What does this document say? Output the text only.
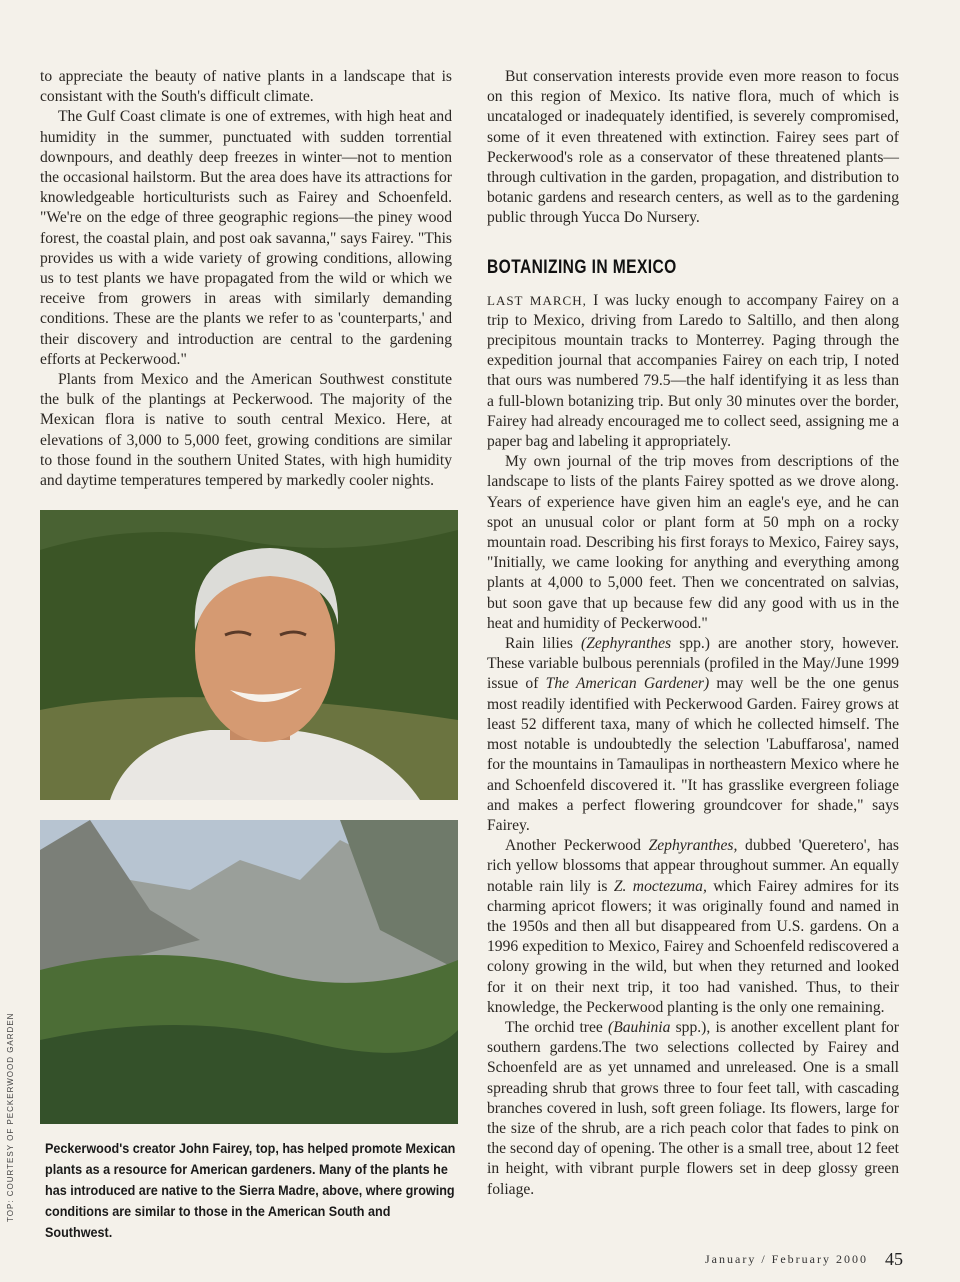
to appreciate the beauty of native plants in a landscape that is consistant with the South's difficult climate.

The Gulf Coast climate is one of extremes, with high heat and humidity in the summer, punctuated with sudden torrential downpours, and deathly deep freezes in winter—not to mention the occasional hailstorm. But the area does have its attractions for knowledgeable horticulturists such as Fairey and Schoenfeld. "We're on the edge of three geographic regions—the piney wood forest, the coastal plain, and post oak savanna," says Fairey. "This provides us with a wide variety of growing conditions, allowing us to test plants we have propagated from the wild or which we receive from growers in areas with similarly demanding conditions. These are the plants we refer to as 'counterparts,' and their discovery and introduction are central to the gardening efforts at Peckerwood."

Plants from Mexico and the American Southwest constitute the bulk of the plantings at Peckerwood. The majority of the Mexican flora is native to south central Mexico. Here, at elevations of 3,000 to 5,000 feet, growing conditions are similar to those found in the southern United States, with high humidity and daytime temperatures tempered by markedly cooler nights.

Peckerwood's creator John Fairey, top, has helped promote Mexican plants as a resource for American gardeners. Many of the plants he has introduced are native to the Sierra Madre, above, where growing conditions are similar to those in the American South and Southwest.
TOP: COURTESY OF PECKERWOOD GARDEN

But conservation interests provide even more reason to focus on this region of Mexico. Its native flora, much of which is uncataloged or inadequately identified, is severely compromised, some of it even threatened with extinction. Fairey sees part of Peckerwood's role as a conservator of these threatened plants—through cultivation in the garden, propagation, and distribution to botanic gardens and research centers, as well as to the gardening public through Yucca Do Nursery.

BOTANIZING IN MEXICO

LAST MARCH, I was lucky enough to accompany Fairey on a trip to Mexico, driving from Laredo to Saltillo, and then along precipitous mountain tracks to Monterrey. Paging through the expedition journal that accompanies Fairey on each trip, I noted that ours was numbered 79.5—the half identifying it as less than a full-blown botanizing trip. But only 30 minutes over the border, Fairey had already encouraged me to collect seed, assigning me a paper bag and labeling it appropriately.

My own journal of the trip moves from descriptions of the landscape to lists of the plants Fairey spotted as we drove along. Years of experience have given him an eagle's eye, and he can spot an unusual color or plant form at 50 mph on a rocky mountain road. Describing his first forays to Mexico, Fairey says, "Initially, we came looking for anything and everything among plants at 4,000 to 5,000 feet. Then we concentrated on salvias, but soon gave that up because few did any good with us in the heat and humidity of Peckerwood."

Rain lilies (Zephyranthes spp.) are another story, however. These variable bulbous perennials (profiled in the May/June 1999 issue of The American Gardener) may well be the one genus most readily identified with Peckerwood Garden. Fairey grows at least 52 different taxa, many of which he collected himself. The most notable is undoubtedly the selection 'Labuffarosa', named for the mountains in Tamaulipas in northeastern Mexico where he and Schoenfeld discovered it. "It has grasslike evergreen foliage and makes a perfect flowering groundcover for shade," says Fairey.

Another Peckerwood Zephyranthes, dubbed 'Queretero', has rich yellow blossoms that appear throughout summer. An equally notable rain lily is Z. moctezuma, which Fairey admires for its charming apricot flowers; it was originally found and named in the 1950s and then all but disappeared from U.S. gardens. On a 1996 expedition to Mexico, Fairey and Schoenfeld rediscovered a colony growing in the wild, but when they returned and looked for it on their next trip, it too had vanished. Thus, to their knowledge, the Peckerwood planting is the only one remaining.

The orchid tree (Bauhinia spp.), is another excellent plant for southern gardens.The two selections collected by Fairey and Schoenfeld are as yet unnamed and unreleased. One is a small spreading shrub that grows three to four feet tall, with cascading branches covered in lush, soft green foliage. Its flowers, large for the size of the shrub, are a rich peach color that fades to pink on the second day of opening. The other is a small tree, about 12 feet in height, with vibrant purple flowers set in deep glossy green foliage.

January / February 2000 45
